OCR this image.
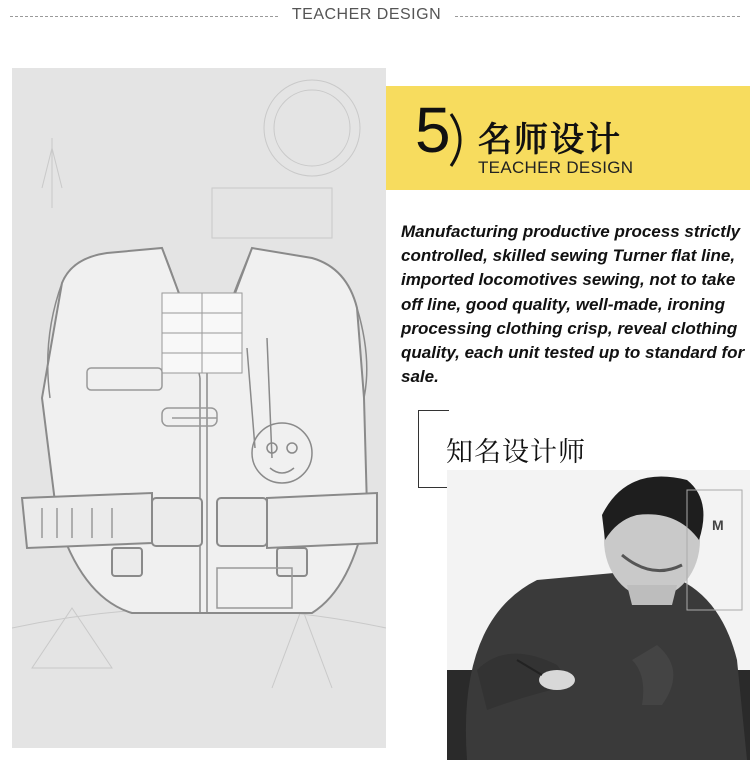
TEACHER DESIGN
5 名师设计
TEACHER DESIGN

Manufacturing productive process strictly controlled, skilled sewing Turner flat line, imported locomotives sewing, not to take off line, good quality, well-made, ironing processing clothing crisp, reveal clothing quality, each unit tested up to standard for sale.

知名设计师
M
